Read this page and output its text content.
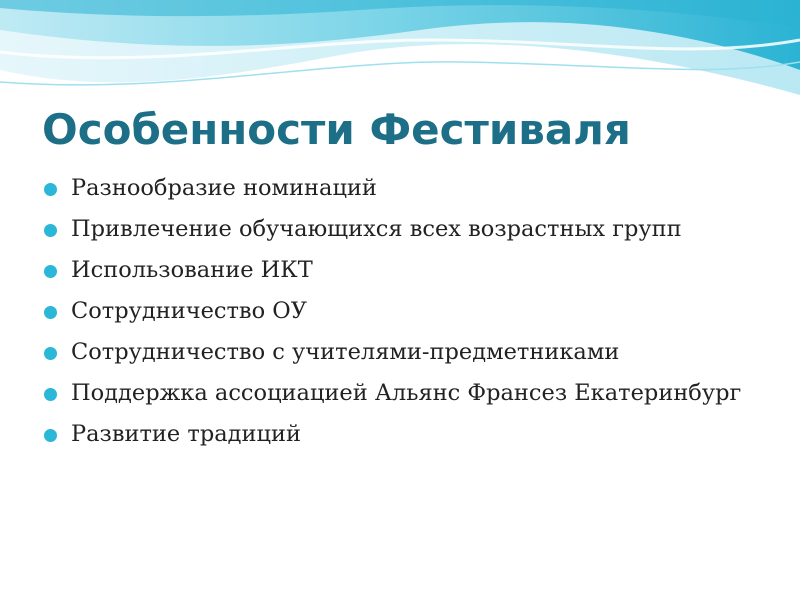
Особенности Фестиваля
Разнообразие номинаций
Привлечение обучающихся всех возрастных групп
Использование ИКТ
Сотрудничество ОУ
Сотрудничество с учителями-предметниками
Поддержка ассоциацией Альянс Франсез Екатеринбург
Развитие традиций
